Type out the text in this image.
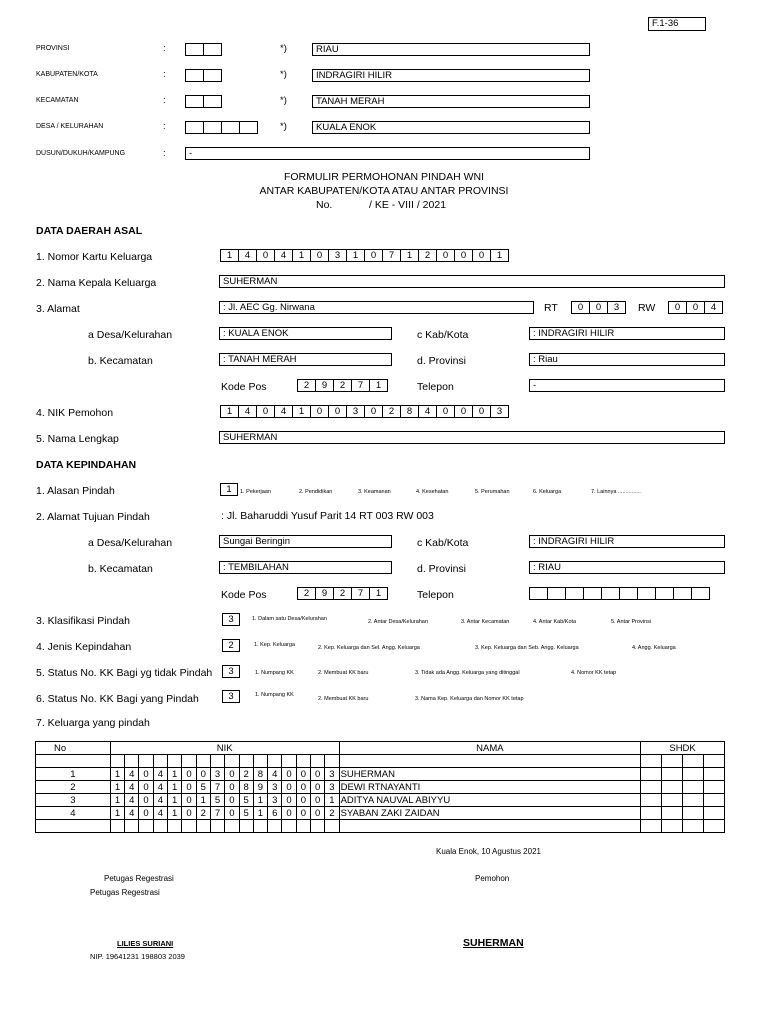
F.1-36
PROVINSI	:	*)	RIAU
KABUPATEN/KOTA	:	*)	INDRAGIRI HILIR
KECAMATAN	:	*)	TANAH MERAH
DESA / KELURAHAN	:	*)	KUALA ENOK
DUSUN/DUKUH/KAMPUNG	:	-
FORMULIR PERMOHONAN PINDAH WNI
ANTAR KABUPATEN/KOTA ATAU ANTAR PROVINSI
No.	/ KE - VIII / 2021
DATA DAERAH ASAL
1. Nomor Kartu Keluarga	1	4	0	4	1	0	3	1	0	7	1	2	0	0	0	1
2. Nama Kepala Keluarga	SUHERMAN
3. Alamat	: Jl. AEC Gg. Nirwana	RT	0	0	3	RW	0	0	4
a Desa/Kelurahan	: KUALA ENOK	c Kab/Kota	: INDRAGIRI HILIR
b. Kecamatan	: TANAH MERAH	d. Provinsi	: Riau
Kode Pos	2	9	2	7	1	Telepon	-
4. NIK Pemohon	1	4	0	4	1	0	0	3	0	2	8	4	0	0	0	3
5. Nama Lengkap	SUHERMAN
DATA KEPINDAHAN
1. Alasan Pindah	1	1. Pekerjaan	2. Pendidikan	3. Keamanan	4. Kesehatan	5. Perumahan	6. Keluarga	7. Lainnya ...............
2. Alamat Tujuan Pindah	: Jl. Baharuddi Yusuf Parit 14 RT 003 RW 003
a Desa/Kelurahan	Sungai Beringin	c Kab/Kota	: INDRAGIRI HILIR
b. Kecamatan	: TEMBILAHAN	d. Provinsi	: RIAU
Kode Pos	2	9	2	7	1	Telepon
3. Klasifikasi Pindah	3	1. Dalam satu Desa/Kelurahan	2. Antar Desa/Kelurahan	3. Antar Kecamatan	4. Antar Kab/Kota	5. Antar Provinsi
4. Jenis Kepindahan	2	1. Kep. Keluarga	2. Kep. Keluarga dan Sel. Angg. Keluarga	3. Kep. Keluarga dan Seb. Angg. Keluarga	4. Angg. Keluarga
5. Status No. KK Bagi yg tidak Pindah	3	1. Numpang KK	2. Membuat KK baru	3. Tidak ada Angg. Keluarga yang ditinggal	4. Nomor KK tetap
6. Status No. KK Bagi yang Pindah	3	1. Numpang KK
2. Membuat KK baru	3. Nama Kep. Keluarga dan Nomor KK tetap
7. Keluarga yang pindah
No	NIK																NAMA	SHDK			

1	1	4	0	4	1	0	0	3	0	2	8	4	0	0	0	3	SUHERMAN				
2	1	4	0	4	1	0	5	7	0	8	9	3	0	0	0	3	DEWI RTNAYANTI				
3	1	4	0	4	1	0	1	5	0	5	1	3	0	0	0	1	ADITYA NAUVAL ABIYYU				
4	1	4	0	4	1	0	2	7	0	5	1	6	0	0	0	2	SYABAN ZAKI ZAIDAN				

Kuala Enok, 10 Agustus 2021
Petugas Regestrasi
Petugas Regestrasi
Pemohon
LILIES SURIANI
NIP. 19641231 198803 2039
SUHERMAN
